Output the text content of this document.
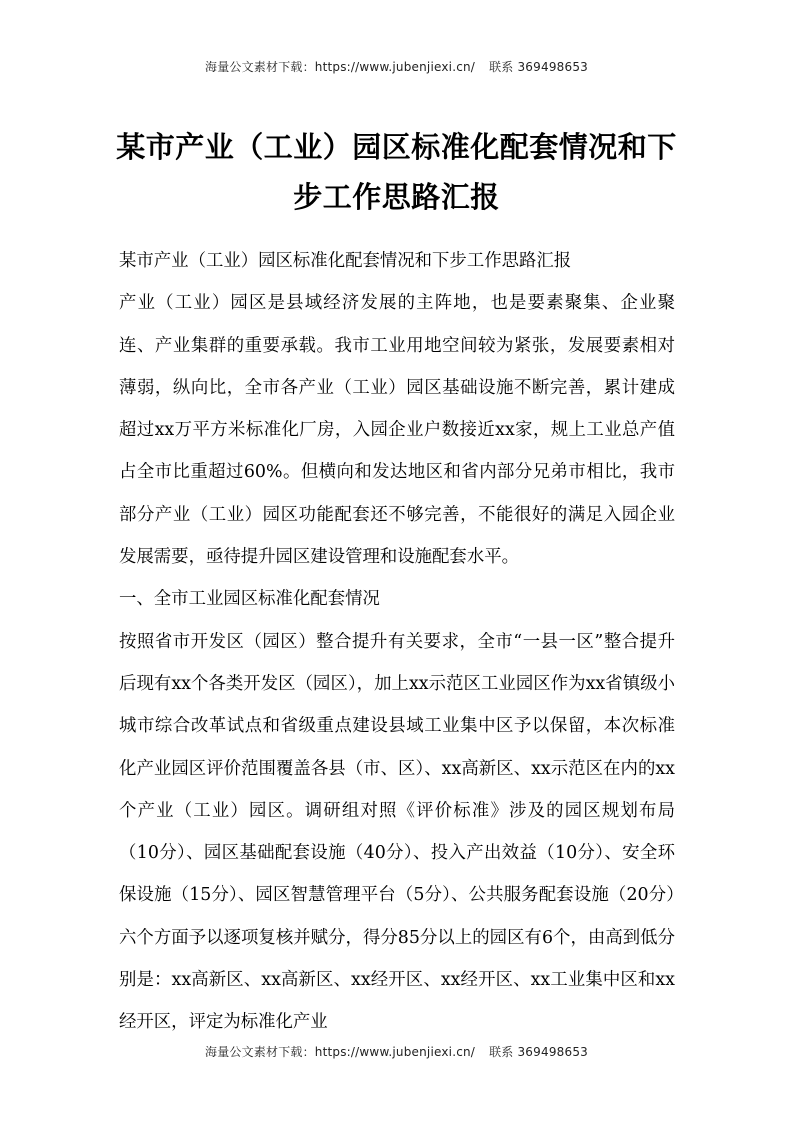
海量公文素材下载：https://www.jubenjiexi.cn/ 联系 369498653
某市产业（工业）园区标准化配套情况和下步工作思路汇报

某市产业（工业）园区标准化配套情况和下步工作思路汇报

产业（工业）园区是县域经济发展的主阵地，也是要素聚集、企业聚连、产业集群的重要承载。我市工业用地空间较为紧张，发展要素相对薄弱，纵向比，全市各产业（工业）园区基础设施不断完善，累计建成超过xx万平方米标准化厂房，入园企业户数接近xx家，规上工业总产值占全市比重超过60%。但横向和发达地区和省内部分兄弟市相比，我市部分产业（工业）园区功能配套还不够完善，不能很好的满足入园企业发展需要，亟待提升园区建设管理和设施配套水平。

一、全市工业园区标准化配套情况

按照省市开发区（园区）整合提升有关要求，全市“一县一区”整合提升后现有xx个各类开发区（园区），加上xx示范区工业园区作为xx省镇级小城市综合改革试点和省级重点建设县域工业集中区予以保留，本次标准化产业园区评价范围覆盖各县（市、区）、xx高新区、xx示范区在内的xx个产业（工业）园区。调研组对照《评价标准》涉及的园区规划布局（10分）、园区基础配套设施（40分）、投入产出效益（10分）、安全环保设施（15分）、园区智慧管理平台（5分）、公共服务配套设施（20分）六个方面予以逐项复核并赋分，得分85分以上的园区有6个，由高到低分别是：xx高新区、xx高新区、xx经开区、xx经开区、xx工业集中区和xx经开区，评定为标准化产业

海量公文素材下载：https://www.jubenjiexi.cn/ 联系 369498653
